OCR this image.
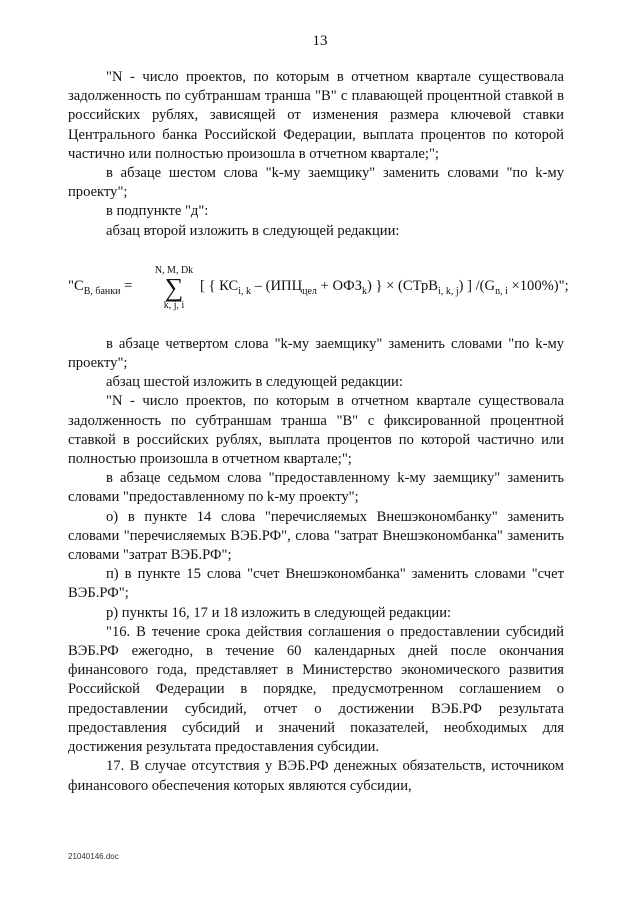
13

"N - число проектов, по которым в отчетном квартале существовала задолженность по субтраншам транша "В" с плавающей процентной ставкой в российских рублях, зависящей от изменения размера ключевой ставки Центрального банка Российской Федерации, выплата процентов по которой частично или полностью произошла в отчетном квартале;";

в абзаце шестом слова "k-му заемщику" заменить словами "по k-му проекту";

в подпункте "д":

абзац второй изложить в следующей редакции:

"$С_{В, банки}$ =
N, M, Dk
∑
k, j, i
[ { $КС_{i, k} - (ИПЦ_{цел} + ОФЗ_k)$ } × (СТрВ$_{i, k, j}$) ] $/(G_{n, i} \times 100\%)$";

в абзаце четвертом слова "k-му заемщику" заменить словами "по k-му проекту";

абзац шестой изложить в следующей редакции:

"N - число проектов, по которым в отчетном квартале существовала задолженность по субтраншам транша "В" с фиксированной процентной ставкой в российских рублях, выплата процентов по которой частично или полностью произошла в отчетном квартале;";

в абзаце седьмом слова "предоставленному k-му заемщику" заменить словами "предоставленному по k-му проекту";

о) в пункте 14 слова "перечисляемых Внешэкономбанку" заменить словами "перечисляемых ВЭБ.РФ", слова "затрат Внешэкономбанка" заменить словами "затрат ВЭБ.РФ";

п) в пункте 15 слова "счет Внешэкономбанка" заменить словами "счет ВЭБ.РФ";

р) пункты 16, 17 и 18 изложить в следующей редакции:

"16. В течение срока действия соглашения о предоставлении субсидий ВЭБ.РФ ежегодно, в течение 60 календарных дней после окончания финансового года, представляет в Министерство экономического развития Российской Федерации в порядке, предусмотренном соглашением о предоставлении субсидий, отчет о достижении ВЭБ.РФ результата предоставления субсидий и значений показателей, необходимых для достижения результата предоставления субсидии.

17. В случае отсутствия у ВЭБ.РФ денежных обязательств, источником финансового обеспечения которых являются субсидии,

21040146.doc
